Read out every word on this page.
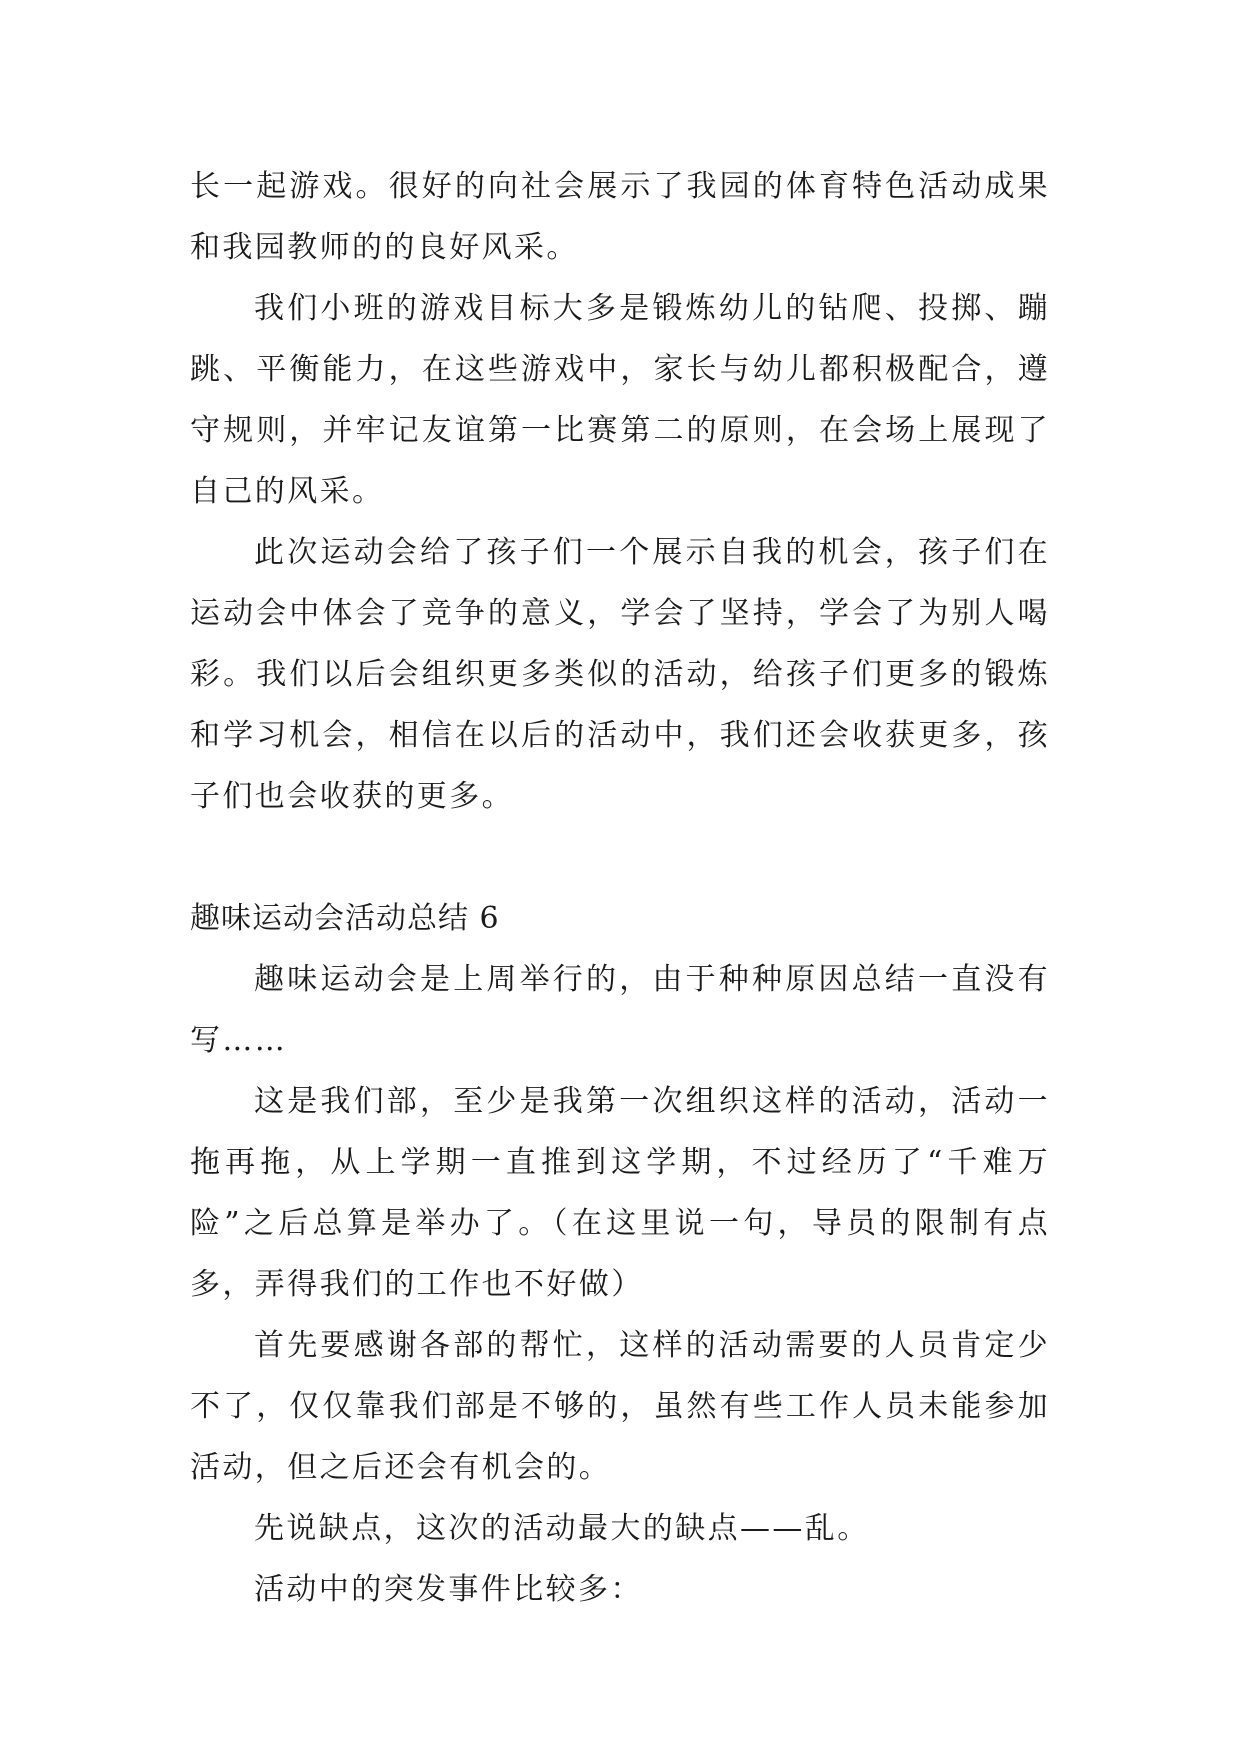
长一起游戏。很好的向社会展示了我园的体育特色活动成果和我园教师的的良好风采。

我们小班的游戏目标大多是锻炼幼儿的钻爬、投掷、蹦跳、平衡能力，在这些游戏中，家长与幼儿都积极配合，遵守规则，并牢记友谊第一比赛第二的原则，在会场上展现了自己的风采。

此次运动会给了孩子们一个展示自我的机会，孩子们在运动会中体会了竞争的意义，学会了坚持，学会了为别人喝彩。我们以后会组织更多类似的活动，给孩子们更多的锻炼和学习机会，相信在以后的活动中，我们还会收获更多，孩子们也会收获的更多。

趣味运动会活动总结 6

趣味运动会是上周举行的，由于种种原因总结一直没有写……

这是我们部，至少是我第一次组织这样的活动，活动一拖再拖，从上学期一直推到这学期，不过经历了“千难万险”之后总算是举办了。（在这里说一句，导员的限制有点多，弄得我们的工作也不好做）

首先要感谢各部的帮忙，这样的活动需要的人员肯定少不了，仅仅靠我们部是不够的，虽然有些工作人员未能参加活动，但之后还会有机会的。

先说缺点，这次的活动最大的缺点——乱。

活动中的突发事件比较多：
